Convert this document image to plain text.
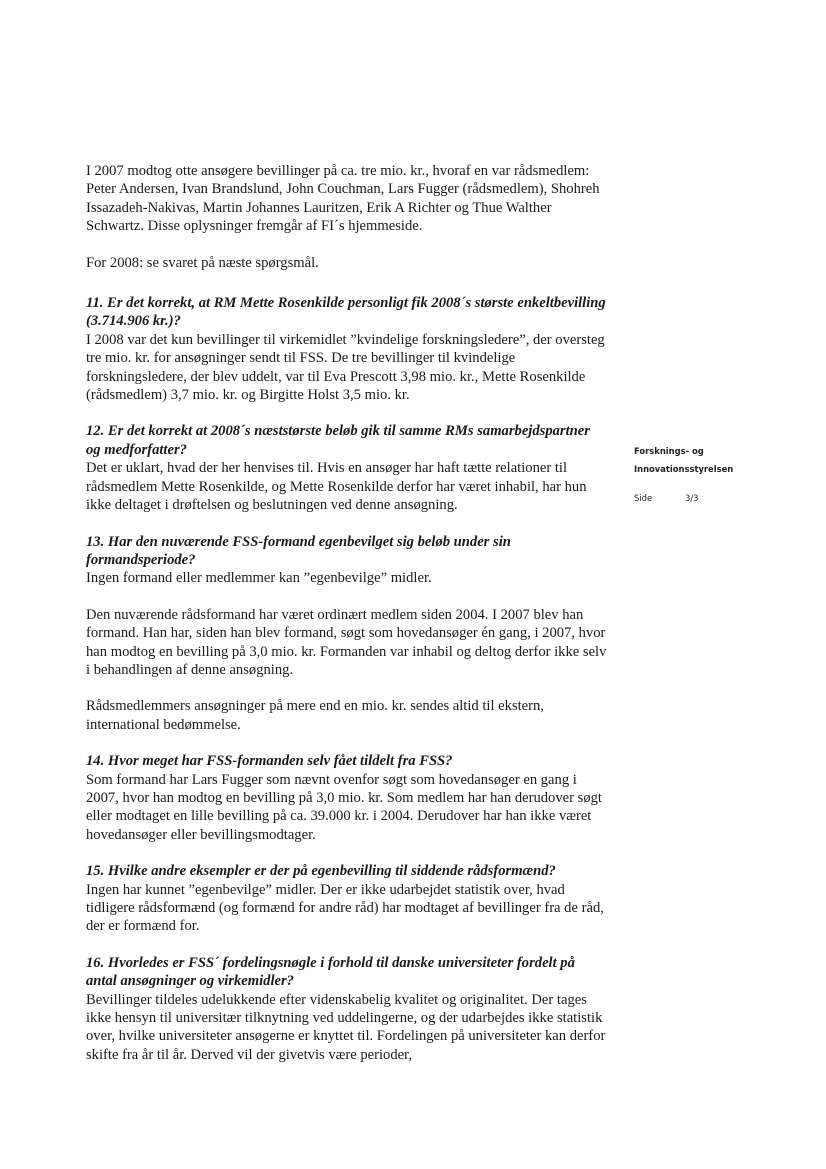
·

I 2007 modtog otte ansøgere bevillinger på ca. tre mio. kr., hvoraf en var rådsmedlem: Peter Andersen, Ivan Brandslund, John Couchman, Lars Fugger (rådsmedlem), Shohreh Issazadeh-Nakivas, Martin Johannes Lauritzen, Erik A Richter og Thue Walther Schwartz. Disse oplysninger fremgår af FI´s hjemmeside.

For 2008: se svaret på næste spørgsmål.

11. Er det korrekt, at RM Mette Rosenkilde personligt fik 2008´s største enkeltbevilling (3.714.906 kr.)?

I 2008 var det kun bevillinger til virkemidlet ”kvindelige forskningsledere”, der oversteg tre mio. kr. for ansøgninger sendt til FSS. De tre bevillinger til kvindelige forskningsledere, der blev uddelt, var til Eva Prescott 3,98 mio. kr., Mette Rosenkilde (rådsmedlem) 3,7 mio. kr. og Birgitte Holst 3,5 mio. kr.

12. Er det korrekt at 2008´s næststørste beløb gik til samme RMs samarbejdspartner og medforfatter?

Det er uklart, hvad der her henvises til. Hvis en ansøger har haft tætte relationer til rådsmedlem Mette Rosenkilde, og Mette Rosenkilde derfor har været inhabil, har hun ikke deltaget i drøftelsen og beslutningen ved denne ansøgning.

13. Har den nuværende FSS-formand egenbevilget sig beløb under sin formandsperiode?

Ingen formand eller medlemmer kan ”egenbevilge” midler.

Den nuværende rådsformand har været ordinært medlem siden 2004. I 2007 blev han formand. Han har, siden han blev formand, søgt som hovedansøger én gang, i 2007, hvor han modtog en bevilling på 3,0 mio. kr. Formanden var inhabil og deltog derfor ikke selv i behandlingen af denne ansøgning.

Rådsmedlemmers ansøgninger på mere end en mio. kr. sendes altid til ekstern, international bedømmelse.

14. Hvor meget har FSS-formanden selv fået tildelt fra FSS?

Som formand har Lars Fugger som nævnt ovenfor søgt som hovedansøger en gang i 2007, hvor han modtog en bevilling på 3,0 mio. kr. Som medlem har han derudover søgt eller modtaget en lille bevilling på ca. 39.000 kr. i 2004. Derudover har han ikke været hovedansøger eller bevillingsmodtager.

15. Hvilke andre eksempler er der på egenbevilling til siddende rådsformænd?

Ingen har kunnet ”egenbevilge” midler. Der er ikke udarbejdet statistik over, hvad tidligere rådsformænd (og formænd for andre råd) har modtaget af bevillinger fra de råd, der er formænd for.

16. Hvorledes er FSS´ fordelingsnøgle i forhold til danske universiteter fordelt på antal ansøgninger og virkemidler?

Bevillinger tildeles udelukkende efter videnskabelig kvalitet og originalitet. Der tages ikke hensyn til universitær tilknytning ved uddelingerne, og der udarbejdes ikke statistik over, hvilke universiteter ansøgerne er knyttet til. Fordelingen på universiteter kan derfor skifte fra år til år. Derved vil der givetvis være perioder,

Forsknings- og
Innovationsstyrelsen
Side	3/3
